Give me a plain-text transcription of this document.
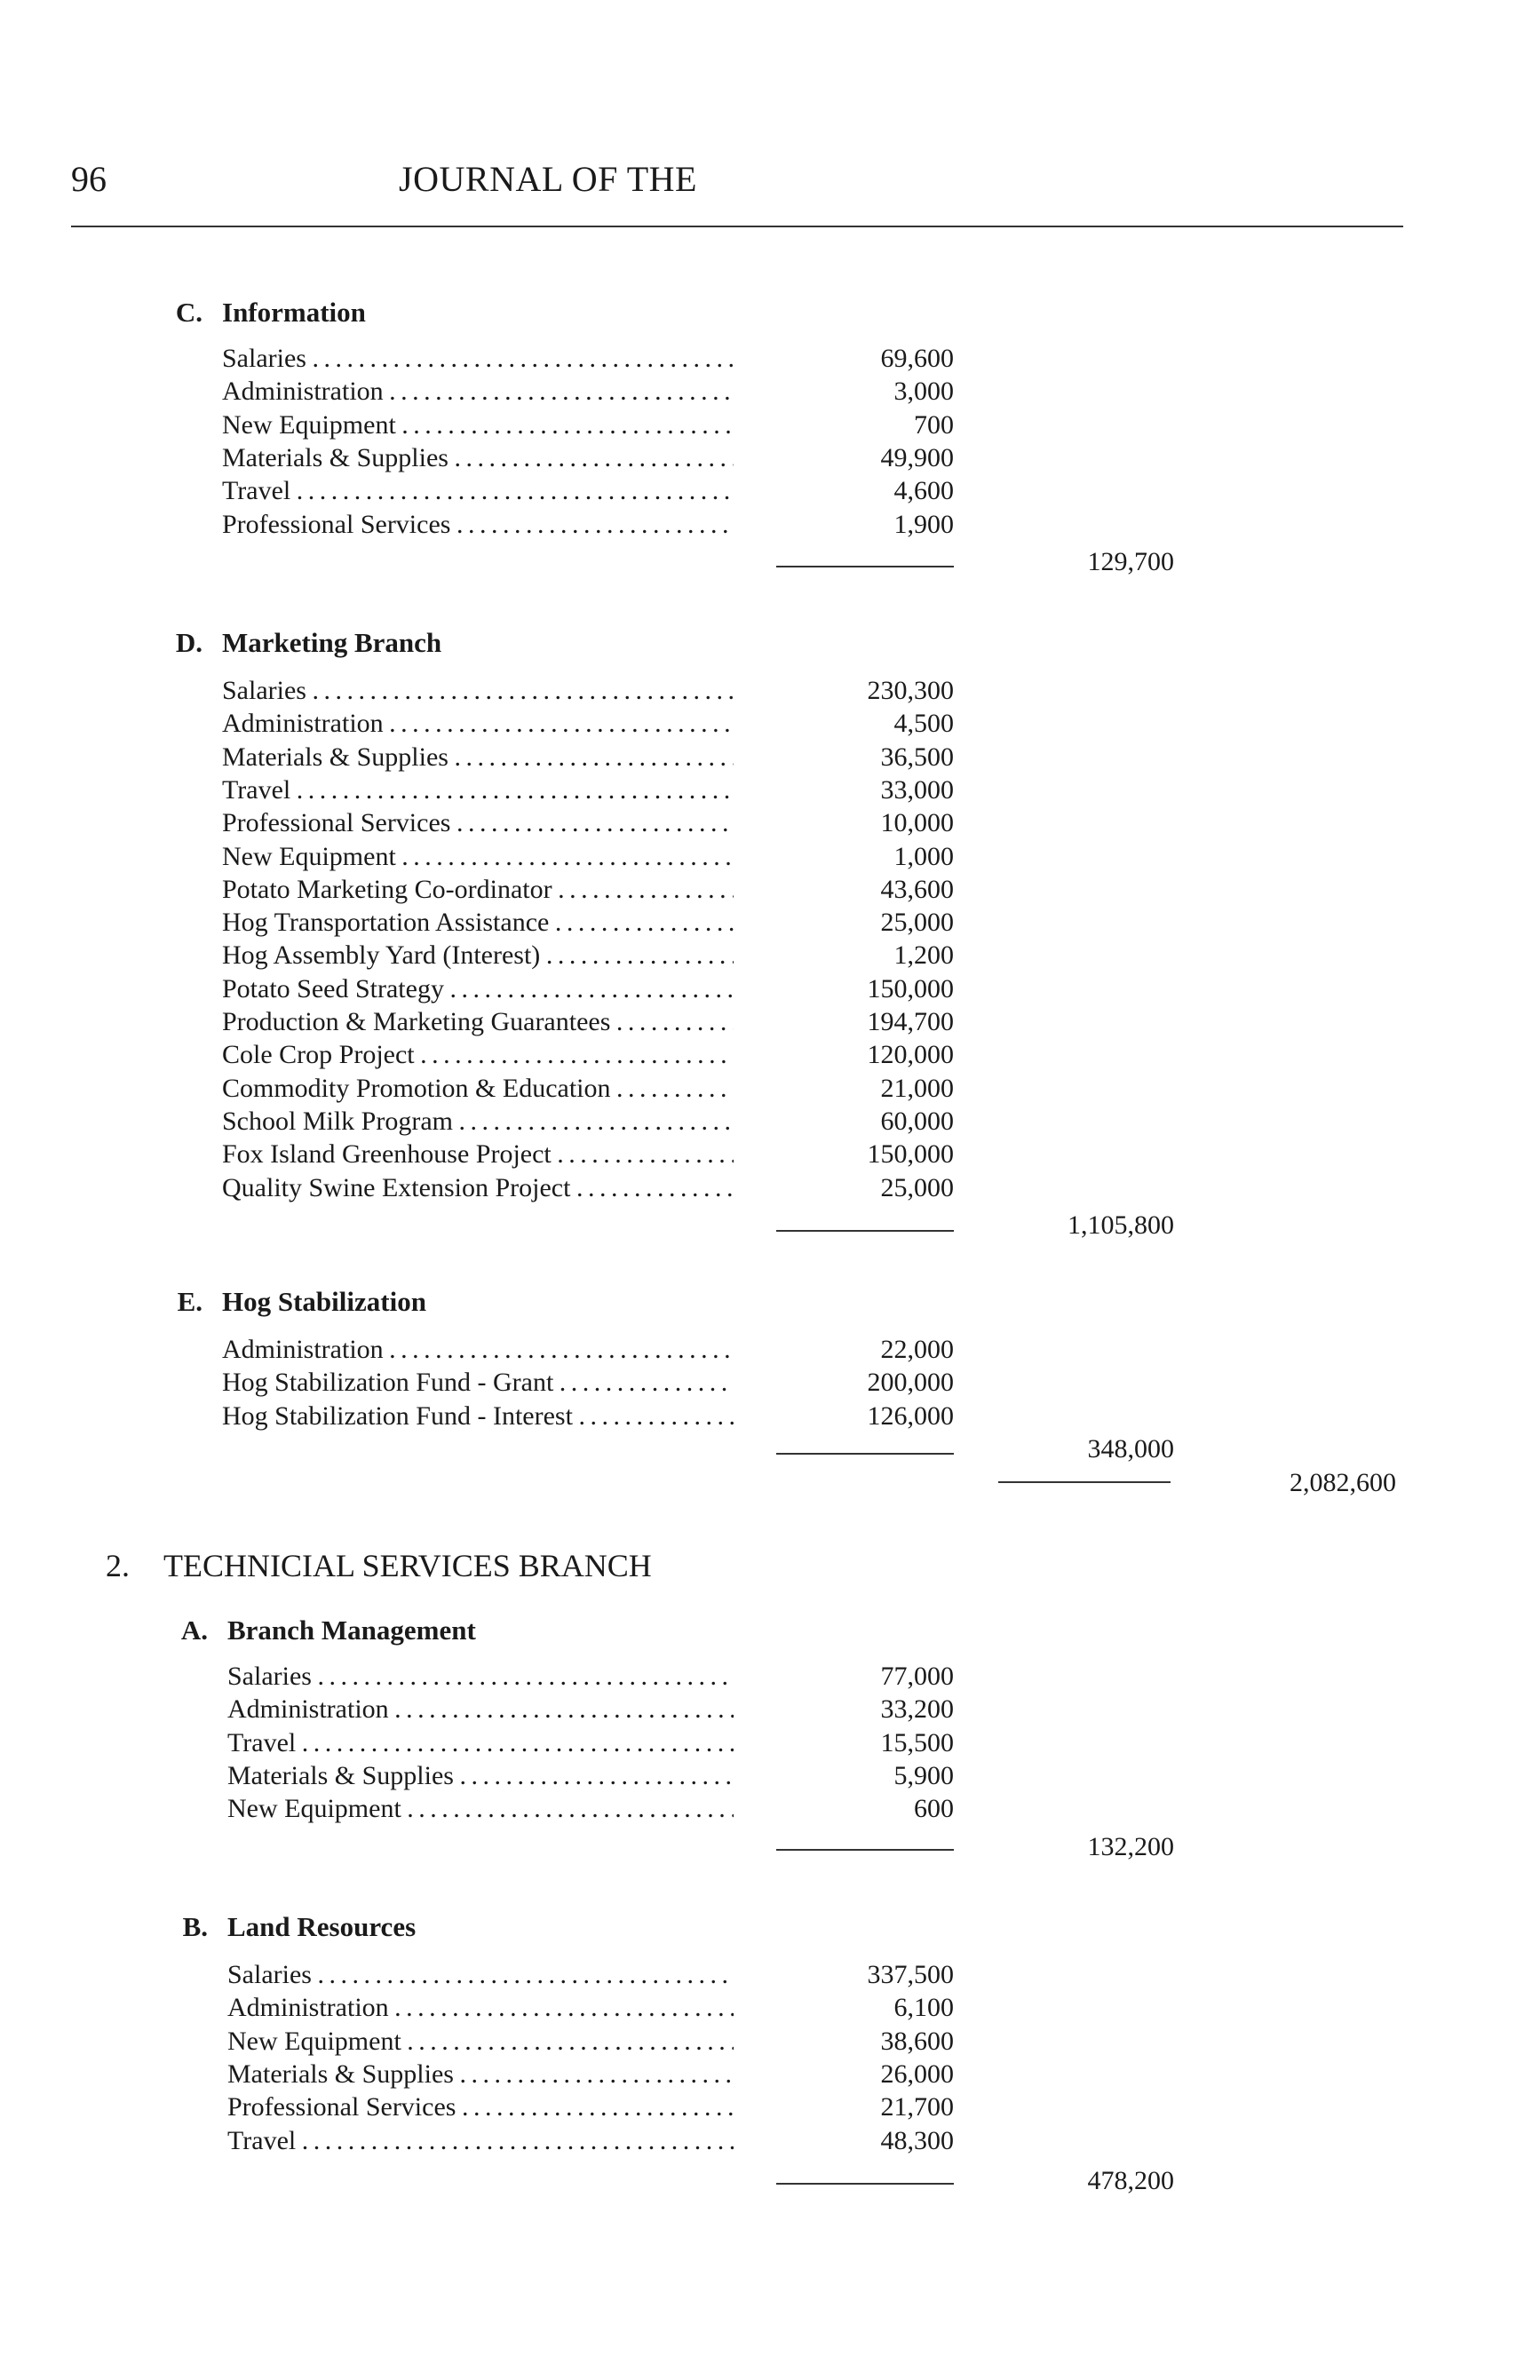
96	JOURNAL OF THE
C. Information
Salaries . . .	69,600
Administration . . .	3,000
New Equipment . . .	700
Materials & Supplies . . .	49,900
Travel . . .	4,600
Professional Services . . .	1,900
129,700
D. Marketing Branch
Salaries . . .	230,300
Administration . . .	4,500
Materials & Supplies . . .	36,500
Travel . . .	33,000
Professional Services . . .	10,000
New Equipment . . .	1,000
Potato Marketing Co-ordinator . . .	43,600
Hog Transportation Assistance . . .	25,000
Hog Assembly Yard (Interest) . . .	1,200
Potato Seed Strategy . . .	150,000
Production & Marketing Guarantees . . .	194,700
Cole Crop Project . . .	120,000
Commodity Promotion & Education . . .	21,000
School Milk Program . . .	60,000
Fox Island Greenhouse Project . . .	150,000
Quality Swine Extension Project . . .	25,000
1,105,800
E. Hog Stabilization
Administration . . .	22,000
Hog Stabilization Fund - Grant . . .	200,000
Hog Stabilization Fund - Interest . . .	126,000
348,000
2,082,600
2. TECHNICIAL SERVICES BRANCH
A. Branch Management
Salaries . . .	77,000
Administration . . .	33,200
Travel . . .	15,500
Materials & Supplies . . .	5,900
New Equipment . . .	600
132,200
B. Land Resources
Salaries . . .	337,500
Administration . . .	6,100
New Equipment . . .	38,600
Materials & Supplies . . .	26,000
Professional Services . . .	21,700
Travel . . .	48,300
478,200
